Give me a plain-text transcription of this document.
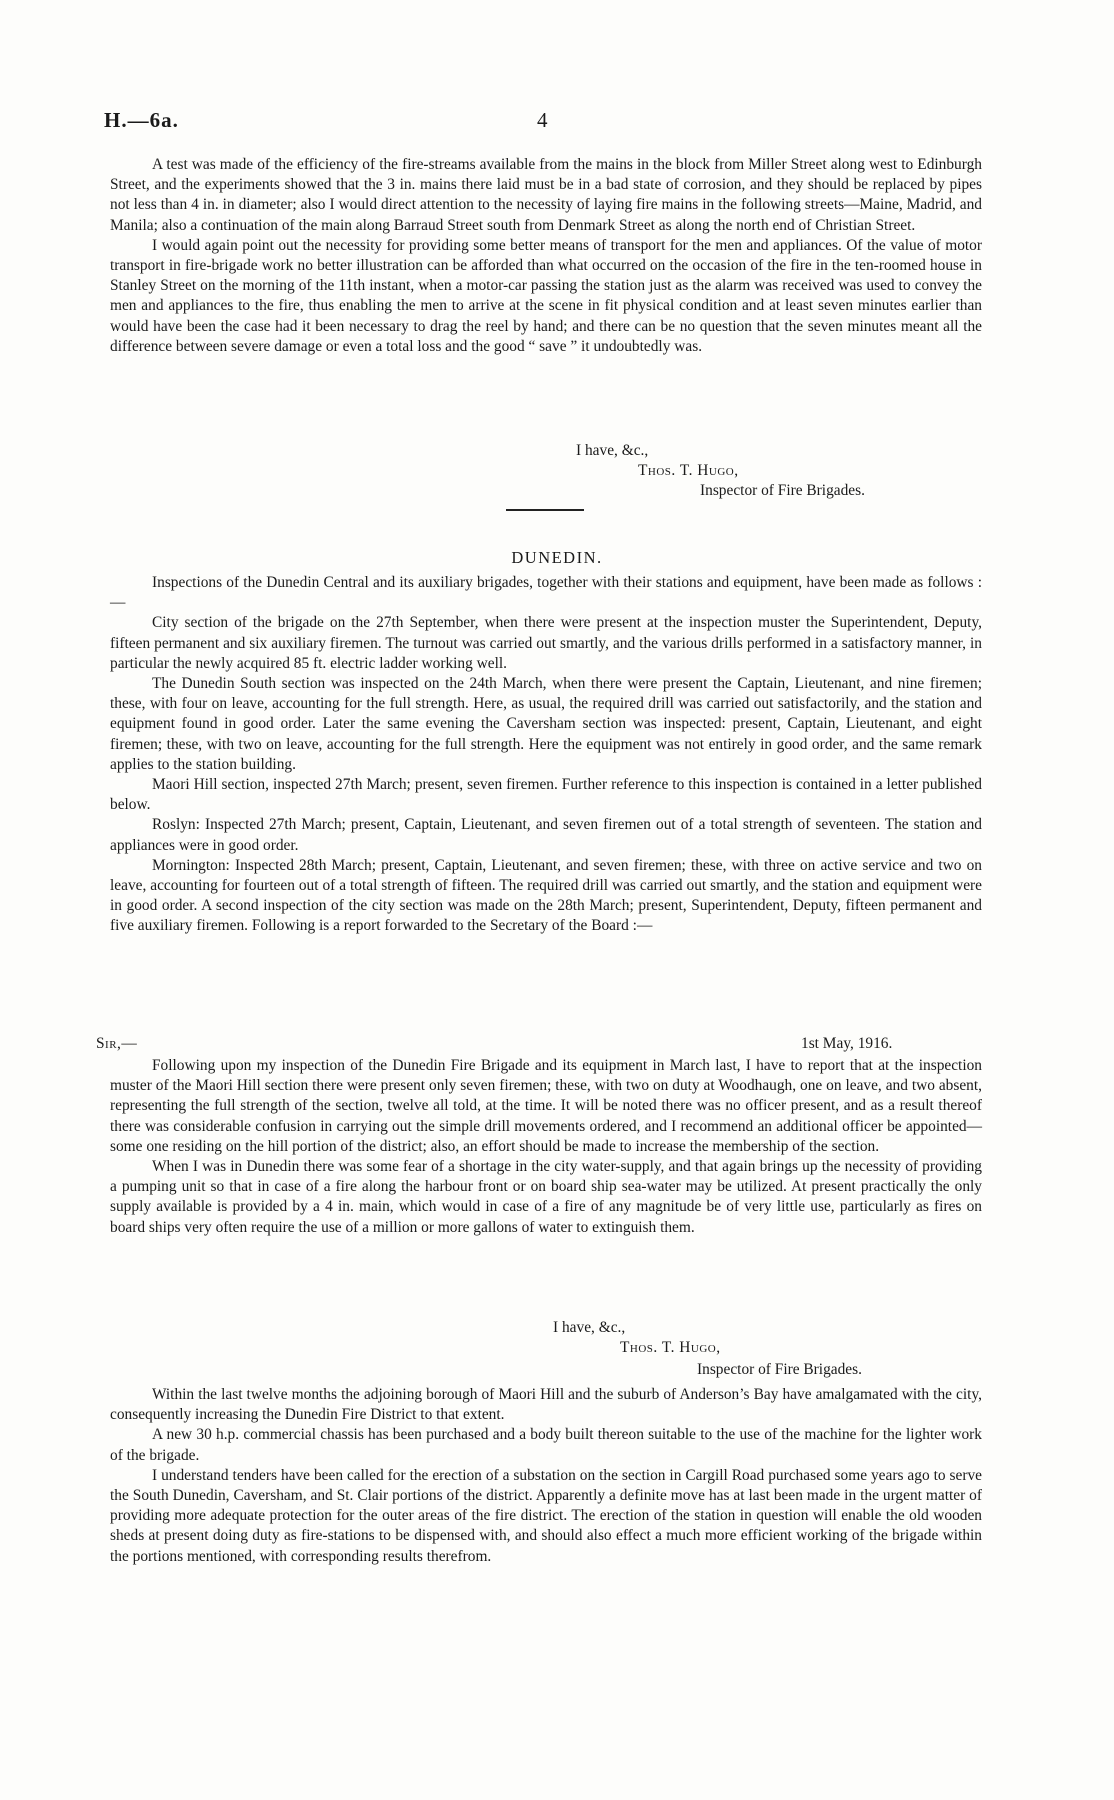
H.—6a.	4

A test was made of the efficiency of the fire-streams available from the mains in the block from Miller Street along west to Edinburgh Street, and the experiments showed that the 3 in. mains there laid must be in a bad state of corrosion, and they should be replaced by pipes not less than 4 in. in diameter; also I would direct attention to the necessity of laying fire mains in the following streets—Maine, Madrid, and Manila; also a continuation of the main along Barraud Street south from Denmark Street as along the north end of Christian Street.

I would again point out the necessity for providing some better means of transport for the men and appliances. Of the value of motor transport in fire-brigade work no better illustration can be afforded than what occurred on the occasion of the fire in the ten-roomed house in Stanley Street on the morning of the 11th instant, when a motor-car passing the station just as the alarm was received was used to convey the men and appliances to the fire, thus enabling the men to arrive at the scene in fit physical condition and at least seven minutes earlier than would have been the case had it been necessary to drag the reel by hand; and there can be no question that the seven minutes meant all the difference between severe damage or even a total loss and the good “ save ” it undoubtedly was.

I have, &c.,
Thos. T. Hugo,
Inspector of Fire Brigades.
DUNEDIN.

Inspections of the Dunedin Central and its auxiliary brigades, together with their stations and equipment, have been made as follows :—

City section of the brigade on the 27th September, when there were present at the inspection muster the Superintendent, Deputy, fifteen permanent and six auxiliary firemen. The turnout was carried out smartly, and the various drills performed in a satisfactory manner, in particular the newly acquired 85 ft. electric ladder working well.

The Dunedin South section was inspected on the 24th March, when there were present the Captain, Lieutenant, and nine firemen; these, with four on leave, accounting for the full strength. Here, as usual, the required drill was carried out satisfactorily, and the station and equipment found in good order. Later the same evening the Caversham section was inspected: present, Captain, Lieutenant, and eight firemen; these, with two on leave, accounting for the full strength. Here the equipment was not entirely in good order, and the same remark applies to the station building.

Maori Hill section, inspected 27th March; present, seven firemen. Further reference to this inspection is contained in a letter published below.

Roslyn: Inspected 27th March; present, Captain, Lieutenant, and seven firemen out of a total strength of seventeen. The station and appliances were in good order.

Mornington: Inspected 28th March; present, Captain, Lieutenant, and seven firemen; these, with three on active service and two on leave, accounting for fourteen out of a total strength of fifteen. The required drill was carried out smartly, and the station and equipment were in good order. A second inspection of the city section was made on the 28th March; present, Superintendent, Deputy, fifteen permanent and five auxiliary firemen. Following is a report forwarded to the Secretary of the Board :—

Sir,—	1st May, 1916.

Following upon my inspection of the Dunedin Fire Brigade and its equipment in March last, I have to report that at the inspection muster of the Maori Hill section there were present only seven firemen; these, with two on duty at Woodhaugh, one on leave, and two absent, representing the full strength of the section, twelve all told, at the time. It will be noted there was no officer present, and as a result thereof there was considerable confusion in carrying out the simple drill movements ordered, and I recommend an additional officer be appointed—some one residing on the hill portion of the district; also, an effort should be made to increase the membership of the section.

When I was in Dunedin there was some fear of a shortage in the city water-supply, and that again brings up the necessity of providing a pumping unit so that in case of a fire along the harbour front or on board ship sea-water may be utilized. At present practically the only supply available is provided by a 4 in. main, which would in case of a fire of any magnitude be of very little use, particularly as fires on board ships very often require the use of a million or more gallons of water to extinguish them.

I have, &c.,
Thos. T. Hugo,
Inspector of Fire Brigades.

Within the last twelve months the adjoining borough of Maori Hill and the suburb of Anderson’s Bay have amalgamated with the city, consequently increasing the Dunedin Fire District to that extent.

A new 30 h.p. commercial chassis has been purchased and a body built thereon suitable to the use of the machine for the lighter work of the brigade.

I understand tenders have been called for the erection of a substation on the section in Cargill Road purchased some years ago to serve the South Dunedin, Caversham, and St. Clair portions of the district. Apparently a definite move has at last been made in the urgent matter of providing more adequate protection for the outer areas of the fire district. The erection of the station in question will enable the old wooden sheds at present doing duty as fire-stations to be dispensed with, and should also effect a much more efficient working of the brigade within the portions mentioned, with corresponding results therefrom.
